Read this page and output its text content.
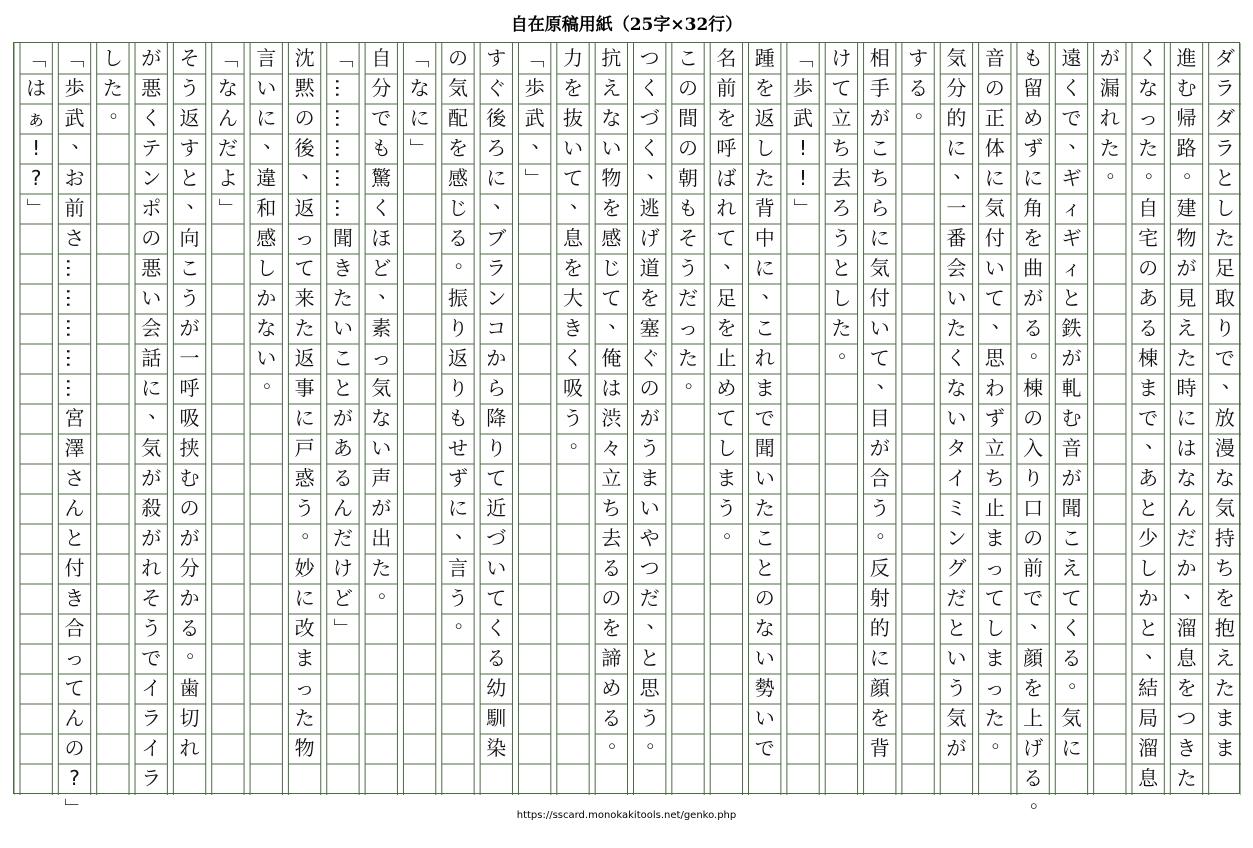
自在原稿用紙（25字×32行）
ダ
ラ
ダ
ラ
と
し
た
足
取
り
で
、
放
漫
な
気
持
ち
を
抱
え
た
ま
ま
進
む
帰
路
。
建
物
が
見
え
た
時
に
は
な
ん
だ
か
、
溜
息
を
つ
き
た
く
な
っ
た
。
自
宅
の
あ
る
棟
ま
で
、
あ
と
少
し
か
と
、
結
局
溜
息
が
漏
れ
た
。
遠
く
で
、
ギ
ィ
ギ
ィ
と
鉄
が
軋
む
音
が
聞
こ
え
て
く
る
。
気
に
も
留
め
ず
に
角
を
曲
が
る
。
棟
の
入
り
口
の
前
で
、
顔
を
上
げ
る
。
音
の
正
体
に
気
付
い
て
、
思
わ
ず
立
ち
止
ま
っ
て
し
ま
っ
た
。
気
分
的
に
、
一
番
会
い
た
く
な
い
タ
イ
ミ
ン
グ
だ
と
い
う
気
が
す
る
。
相
手
が
こ
ち
ら
に
気
付
い
て
、
目
が
合
う
。
反
射
的
に
顔
を
背
け
て
立
ち
去
ろ
う
と
し
た
。
「
歩
武
!
!
」
踵
を
返
し
た
背
中
に
、
こ
れ
ま
で
聞
い
た
こ
と
の
な
い
勢
い
で
名
前
を
呼
ば
れ
て
、
足
を
止
め
て
し
ま
う
。
こ
の
間
の
朝
も
そ
う
だ
っ
た
。
つ
く
づ
く
、
逃
げ
道
を
塞
ぐ
の
が
う
ま
い
や
つ
だ
、
と
思
う
。
抗
え
な
い
物
を
感
じ
て
、
俺
は
渋
々
立
ち
去
る
の
を
諦
め
る
。
力
を
抜
い
て
、
息
を
大
き
く
吸
う
。
「
歩
武
、
」
す
ぐ
後
ろ
に
、
ブ
ラ
ン
コ
か
ら
降
り
て
近
づ
い
て
く
る
幼
馴
染
の
気
配
を
感
じ
る
。
振
り
返
り
も
せ
ず
に
、
言
う
。
「
な
に
」
自
分
で
も
驚
く
ほ
ど
、
素
っ
気
な
い
声
が
出
た
。
「
…
…
…
…
…
聞
き
た
い
こ
と
が
あ
る
ん
だ
け
ど
」
沈
黙
の
後
、
返
っ
て
来
た
返
事
に
戸
惑
う
。
妙
に
改
ま
っ
た
物
言
い
に
、
違
和
感
し
か
な
い
。
「
な
ん
だ
よ
」
そ
う
返
す
と
、
向
こ
う
が
一
呼
吸
挟
む
の
が
分
か
る
。
歯
切
れ
が
悪
く
テ
ン
ポ
の
悪
い
会
話
に
、
気
が
殺
が
れ
そ
う
で
イ
ラ
イ
ラ
し
た
。
「
歩
武
、
お
前
さ
…
…
…
…
…
宮
澤
さ
ん
と
付
き
合
っ
て
ん
の
?
」
「
は
ぁ
!
?
」
https://sscard.monokakitools.net/genko.php
